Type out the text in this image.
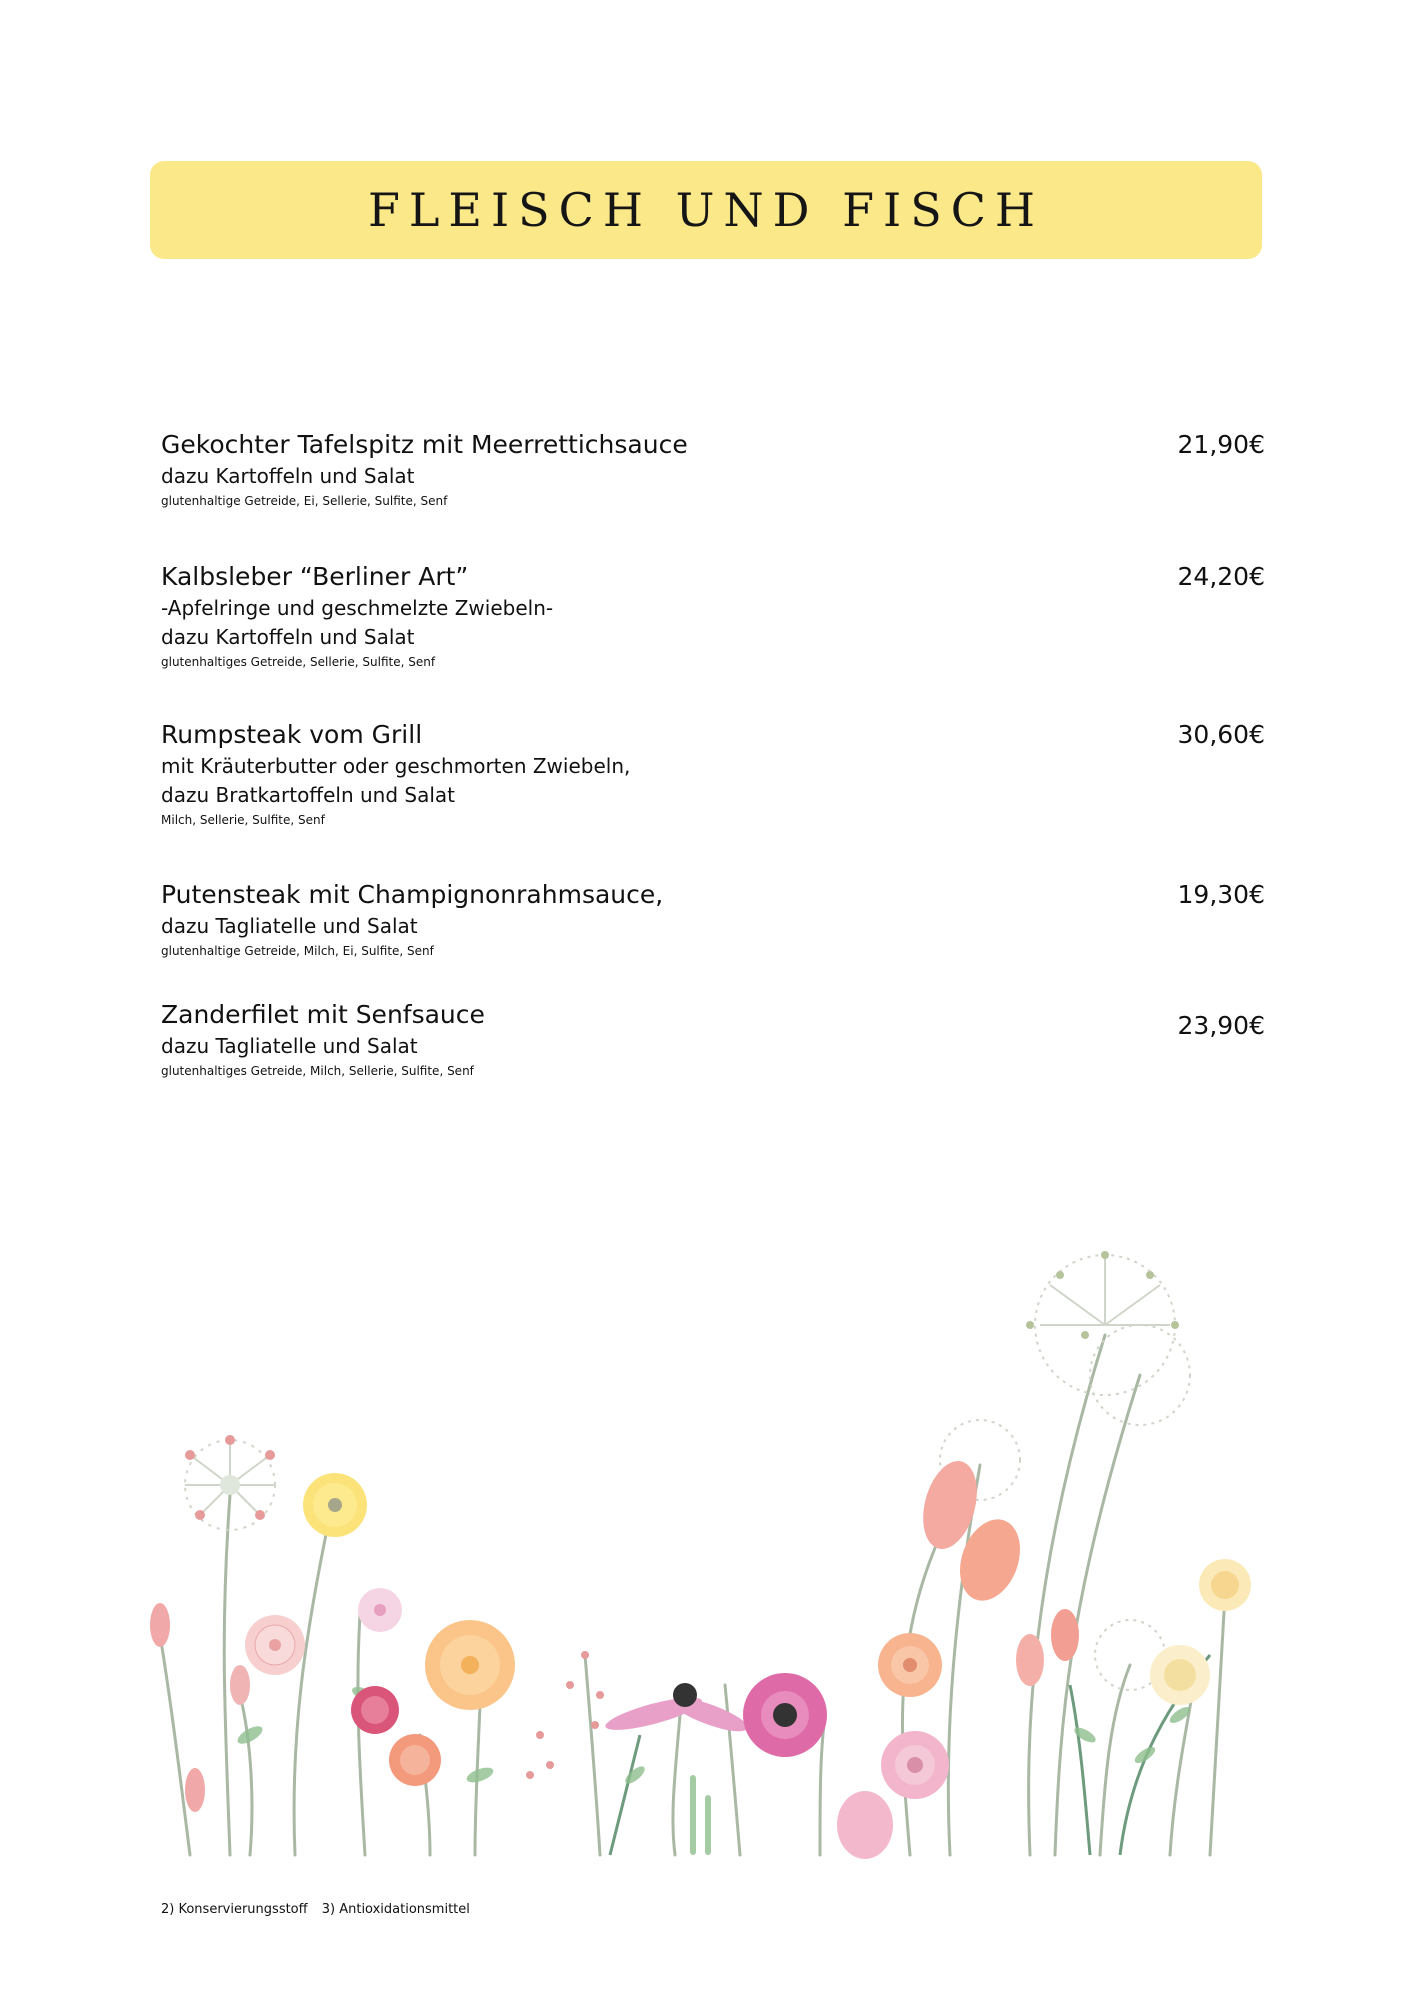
FLEISCH UND FISCH
21,90€
Gekochter Tafelspitz mit Meerrettichsauce
dazu Kartoffeln und Salat
glutenhaltige Getreide, Ei, Sellerie, Sulfite, Senf
24,20€
Kalbsleber “Berliner Art”
-Apfelringe und geschmelzte Zwiebeln-
dazu Kartoffeln und Salat
glutenhaltiges Getreide, Sellerie, Sulfite, Senf
30,60€
Rumpsteak vom Grill
mit Kräuterbutter oder geschmorten Zwiebeln,
dazu Bratkartoffeln und Salat
Milch, Sellerie, Sulfite, Senf
19,30€
Putensteak mit Champignonrahmsauce,
dazu Tagliatelle und Salat
glutenhaltige Getreide, Milch, Ei, Sulfite, Senf
23,90€
Zanderfilet mit Senfsauce
dazu Tagliatelle und Salat
glutenhaltiges Getreide, Milch, Sellerie, Sulfite, Senf
2) Konservierungsstoff 3) Antioxidationsmittel
